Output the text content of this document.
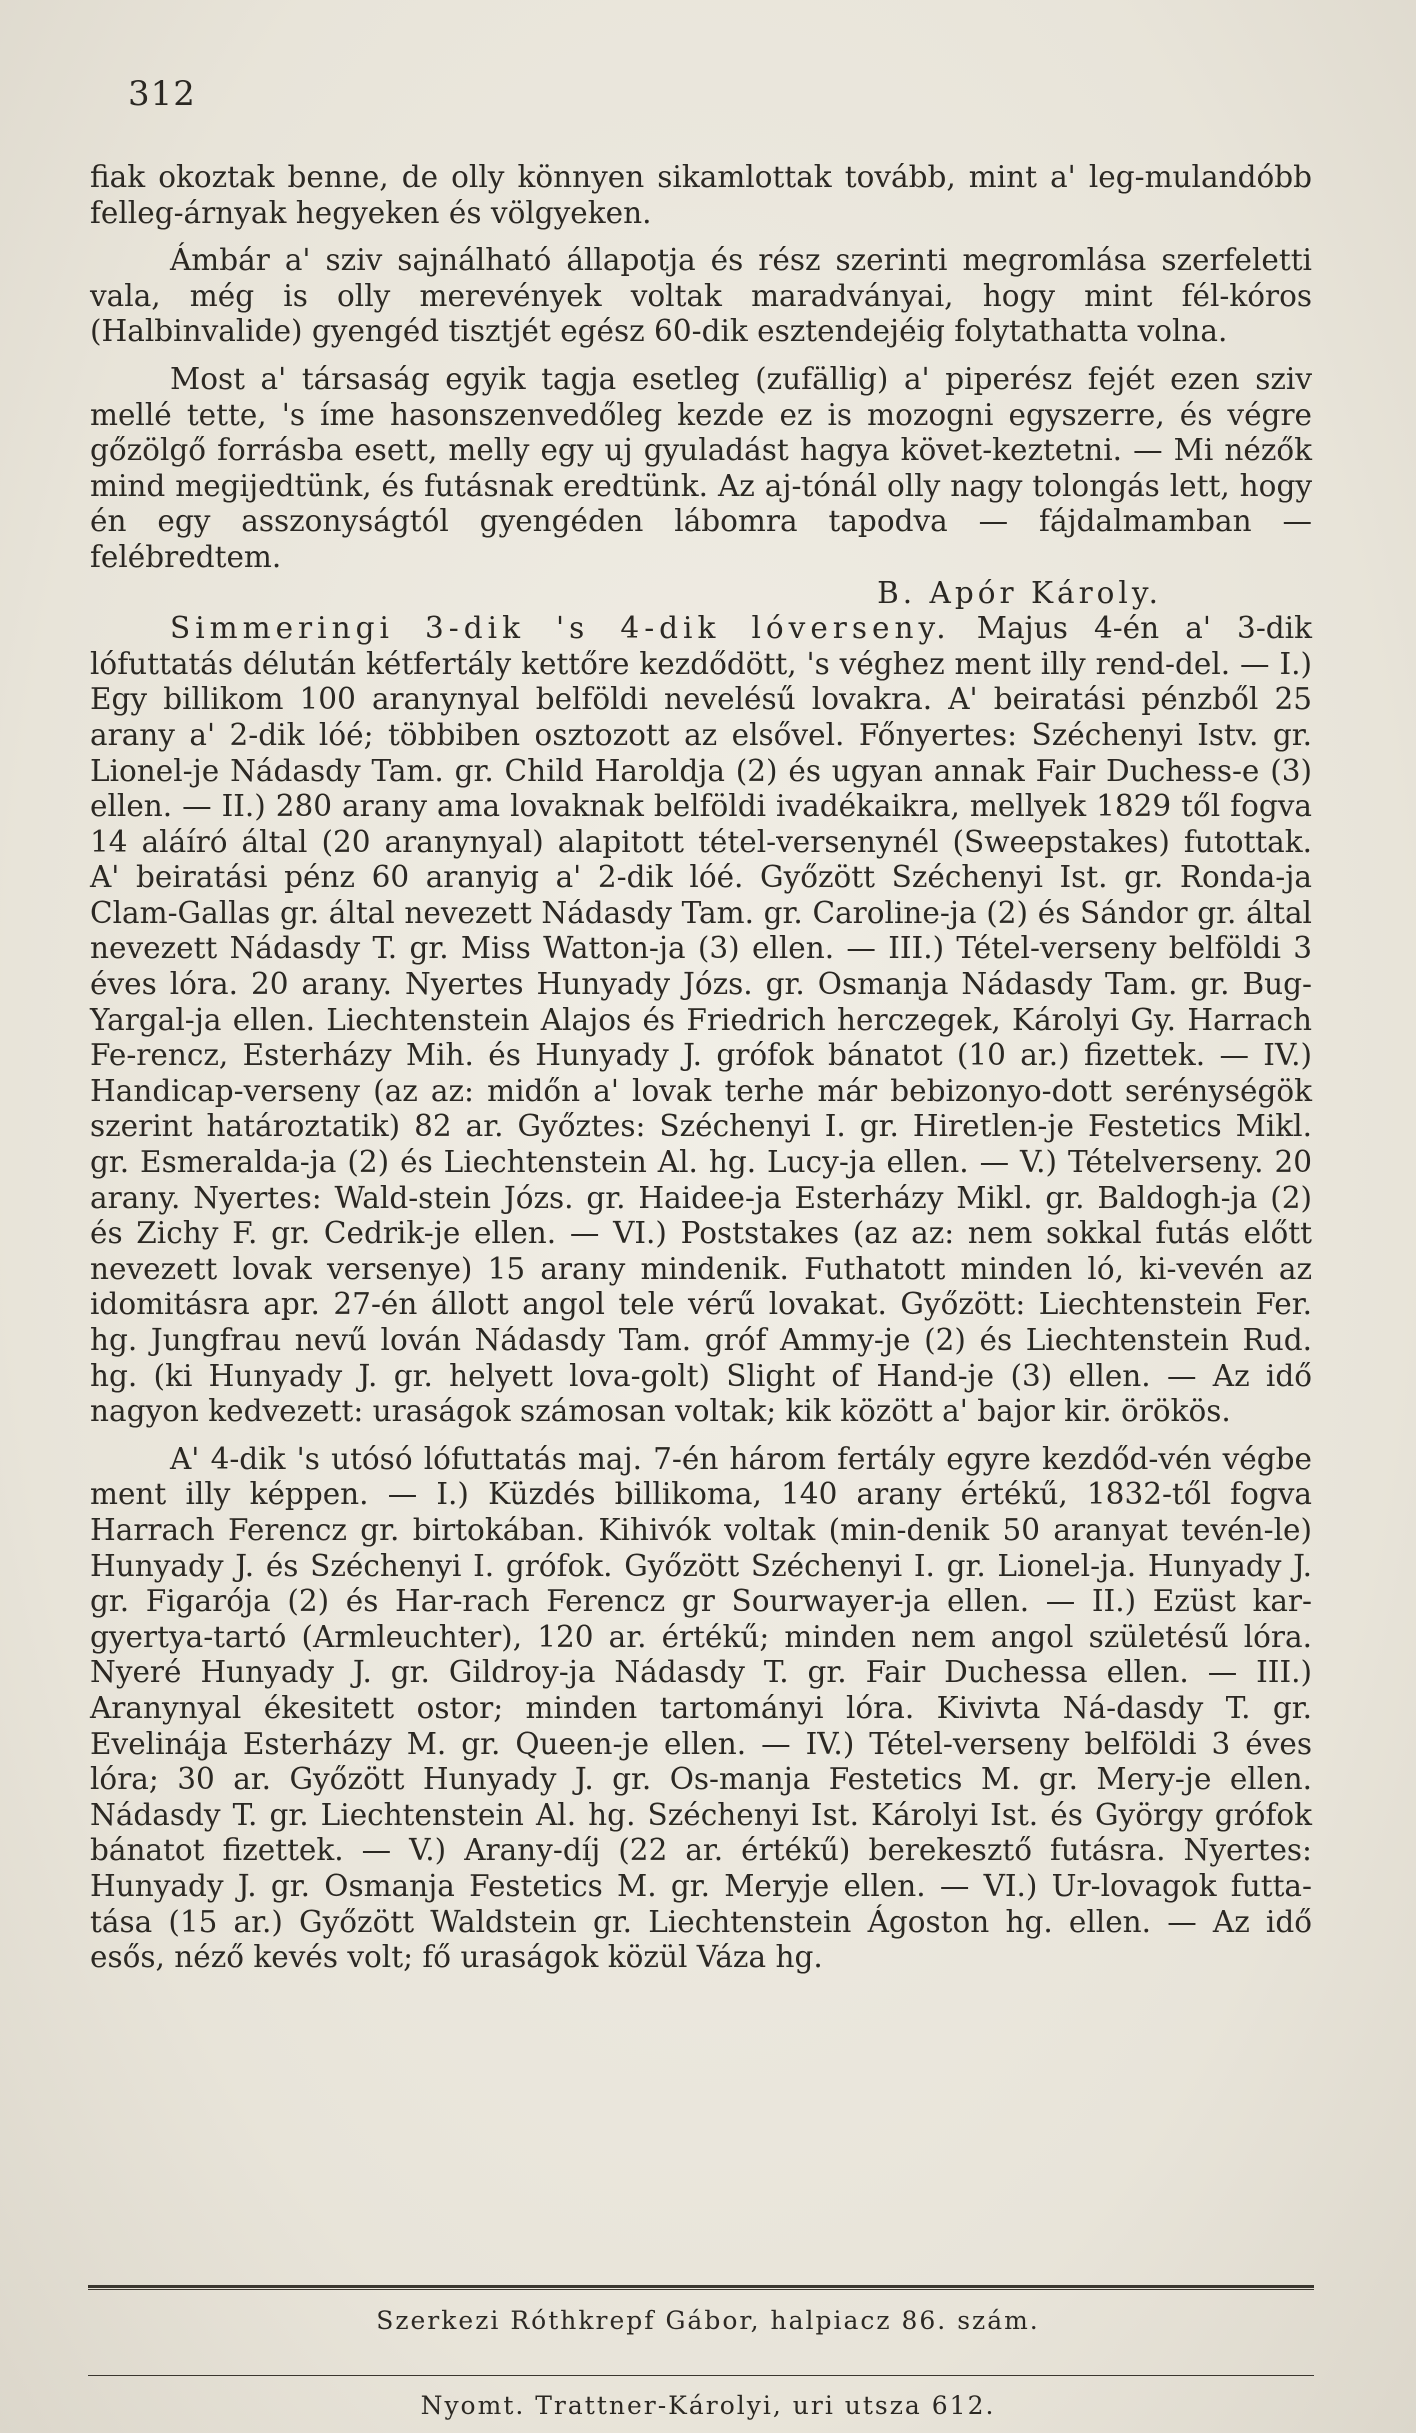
312

fiak okoztak benne, de olly könnyen sikamlottak tovább, mint a' leg-mulandóbb felleg-árnyak hegyeken és völgyeken.

Ámbár a' sziv sajnálható állapotja és rész szerinti megromlása szerfeletti vala, még is olly merevények voltak maradványai, hogy mint fél-kóros (Halbinvalide) gyengéd tisztjét egész 60-dik esztendejéig folytathatta volna.

Most a' társaság egyik tagja esetleg (zufällig) a' piperész fejét ezen sziv mellé tette, 's íme hasonszenvedőleg kezde ez is mozogni egyszerre, és végre gőzölgő forrásba esett, melly egy uj gyuladást hagya követ-keztetni. — Mi nézők mind megijedtünk, és futásnak eredtünk. Az aj-tónál olly nagy tolongás lett, hogy én egy asszonyságtól gyengéden lábomra tapodva — fájdalmamban — felébredtem.

B. Apór Károly.

Simmeringi 3-dik 's 4-dik lóverseny. Majus 4-én a' 3-dik lófuttatás délután kétfertály kettőre kezdődött, 's véghez ment illy rend-del. — I.) Egy billikom 100 aranynyal belföldi nevelésű lovakra. A' beiratási pénzből 25 arany a' 2-dik lóé; többiben osztozott az elsővel. Főnyertes: Széchenyi Istv. gr. Lionel-je Nádasdy Tam. gr. Child Haroldja (2) és ugyan annak Fair Duchess-e (3) ellen. — II.) 280 arany ama lovaknak belföldi ivadékaikra, mellyek 1829 től fogva 14 aláíró által (20 aranynyal) alapitott tétel-versenynél (Sweepstakes) futottak. A' beiratási pénz 60 aranyig a' 2-dik lóé. Győzött Széchenyi Ist. gr. Ronda-ja Clam-Gallas gr. által nevezett Nádasdy Tam. gr. Caroline-ja (2) és Sándor gr. által nevezett Nádasdy T. gr. Miss Watton-ja (3) ellen. — III.) Tétel-verseny belföldi 3 éves lóra. 20 arany. Nyertes Hunyady Józs. gr. Osmanja Nádasdy Tam. gr. Bug-Yargal-ja ellen. Liechtenstein Alajos és Friedrich herczegek, Károlyi Gy. Harrach Fe-rencz, Esterházy Mih. és Hunyady J. grófok bánatot (10 ar.) fizettek. — IV.) Handicap-verseny (az az: midőn a' lovak terhe már bebizonyo-dott serénységök szerint határoztatik) 82 ar. Győztes: Széchenyi I. gr. Hiretlen-je Festetics Mikl. gr. Esmeralda-ja (2) és Liechtenstein Al. hg. Lucy-ja ellen. — V.) Tételverseny. 20 arany. Nyertes: Wald-stein Józs. gr. Haidee-ja Esterházy Mikl. gr. Baldogh-ja (2) és Zichy F. gr. Cedrik-je ellen. — VI.) Poststakes (az az: nem sokkal futás előtt nevezett lovak versenye) 15 arany mindenik. Futhatott minden ló, ki-vevén az idomitásra apr. 27-én állott angol tele vérű lovakat. Győzött: Liechtenstein Fer. hg. Jungfrau nevű lován Nádasdy Tam. gróf Ammy-je (2) és Liechtenstein Rud. hg. (ki Hunyady J. gr. helyett lova-golt) Slight of Hand-je (3) ellen. — Az idő nagyon kedvezett: uraságok számosan voltak; kik között a' bajor kir. örökös.

A' 4-dik 's utósó lófuttatás maj. 7-én három fertály egyre kezdőd-vén végbe ment illy képpen. — I.) Küzdés billikoma, 140 arany értékű, 1832-től fogva Harrach Ferencz gr. birtokában. Kihivók voltak (min-denik 50 aranyat tevén-le) Hunyady J. és Széchenyi I. grófok. Győzött Széchenyi I. gr. Lionel-ja. Hunyady J. gr. Figarója (2) és Har-rach Ferencz gr Sourwayer-ja ellen. — II.) Ezüst kar-gyertya-tartó (Armleuchter), 120 ar. értékű; minden nem angol születésű lóra. Nyeré Hunyady J. gr. Gildroy-ja Nádasdy T. gr. Fair Duchessa ellen. — III.) Aranynyal ékesitett ostor; minden tartományi lóra. Kivivta Ná-dasdy T. gr. Evelinája Esterházy M. gr. Queen-je ellen. — IV.) Tétel-verseny belföldi 3 éves lóra; 30 ar. Győzött Hunyady J. gr. Os-manja Festetics M. gr. Mery-je ellen. Nádasdy T. gr. Liechtenstein Al. hg. Széchenyi Ist. Károlyi Ist. és György grófok bánatot fizettek. — V.) Arany-díj (22 ar. értékű) berekesztő futásra. Nyertes: Hunyady J. gr. Osmanja Festetics M. gr. Meryje ellen. — VI.) Ur-lovagok futta-tása (15 ar.) Győzött Waldstein gr. Liechtenstein Ágoston hg. ellen. — Az idő esős, néző kevés volt; fő uraságok közül Váza hg.

Szerkezi Róthkrepf Gábor, halpiacz 86. szám.
Nyomt. Trattner-Károlyi, uri utsza 612.
